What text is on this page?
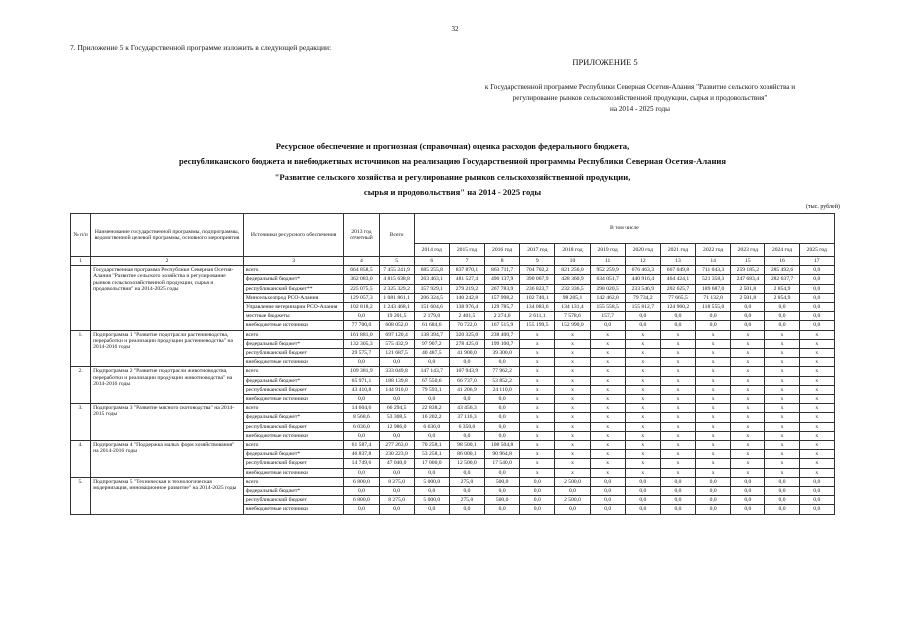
32
7. Приложение 5 к Государственной программе изложить в следующей редакции:
ПРИЛОЖЕНИЕ 5
к Государственной программе Республики Северная Осетия-Алания "Развитие сельского хозяйства и
регулирование рынков сельскохозяйственной продукции, сырья и продовольствия"
на 2014 - 2025 годы
Ресурсное обеспечение и прогнозная (справочная) оценка расходов федерального бюджета,
республиканского бюджета и внебюджетных источников на реализацию Государственной программы Республики Северная Осетия-Алания
"Развитие сельского хозяйства и регулирование рынков сельскохозяйственной продукции,
сырья и продовольствия" на 2014 - 2025 годы
(тыс. рублей)
№ п/п	Наименование государственной программы, подпрограммы, ведомственной целевой программы, основного мероприятия	Источники ресурсного обеспечения	2013 год отчетный	Всего	В том числе											
					2014 год	2015 год	2016 год	2017 год	2018 год	2019 год	2020 год	2021 год	2022 год	2023 год	2024 год	2025 год
1	2	3	4	5	6	7	8	9	10	11	12	13	14	15	16	17
	Государственная программа Республики Северная Осетия-Алания "Развитие сельского хозяйства и регулирование рынков сельскохозяйственной продукции, сырья и продовольствия" на 2014-2025 годы	всего	664 858,5	7 455 241,9	685 255,8	837 870,1	863 711,7	704 702,2	821 256,0	952 259,9	676 463,3	667 049,8	711 043,3	259 185,2	285 492,6	0,0
		федеральный бюджет*	362 083,0	4 815 638,8	263 463,1	481 527,4	496 137,9	390 067,9	428 360,9	634 051,7	440 916,4	464 424,1	521 358,3	247 683,4	282 637,7	0,0
		республиканский бюджет**	225 075,5	2 325 329,2	357 929,1	279 219,2	267 783,9	236 823,7	232 336,5	298 020,5	233 546,9	202 625,7	189 687,0	2 501,8	2 854,9	0,0
		Минсельхозпрод РСО-Алания	129 057,3	1 081 861,1	206 324,5	140 242,8	157 998,2	102 740,1	98 205,1	142 462,0	79 734,2	77 665,5	71 132,0	2 501,8	2 854,9	0,0
		Управление ветеринарии РСО-Алания	102 818,2	1 243 468,1	151 604,6	138 976,4	129 785,7	134 083,6	134 131,4	155 558,5	155 812,7	124 960,2	118 555,0	0,0	0,0	0,0
		местные бюджеты	0,0	19 201,5	2 179,0	2 401,5	2 274,0	2 611,1	7 578,6	157,7	0,0	0,0	0,0	0,0	0,0	0,0
		внебюджетные источники	77 700,0	608 052,0	61 684,6	70 722,0	167 515,9	155 199,5	152 990,0	0,0	0,0	0,0	0,0	0,0	0,0	0,0
1.	Подпрограмма 1 "Развитие подотрасли растениеводства, переработки и реализации продукции растениеводства" на 2014-2016 годы	всего	161 881,0	697 120,4	138 394,7	320 325,0	238 400,7	x	x	x	x	x	x	x	x	x
		федеральный бюджет*	132 305,3	575 432,9	97 907,2	278 425,0	199 100,7	x	x	x	x	x	x	x	x	x
		республиканский бюджет	29 575,7	121 687,5	40 487,5	41 900,0	39 300,0	x	x	x	x	x	x	x	x	x
		внебюджетные источники	0,0	0,0	0,0	0,0	0,0	x	x	x	x	x	x	x	x	x
2.	Подпрограмма 2 "Развитие подотрасли животноводства, переработки и реализации продукции животноводства" на 2014-2016 годы	всего	109 381,9	333 049,8	147 143,7	107 943,9	77 962,2	x	x	x	x	x	x	x	x	x
		федеральный бюджет*	65 971,1	188 139,8	67 550,6	66 737,0	53 852,2	x	x	x	x	x	x	x	x	x
		республиканский бюджет	43 410,8	144 910,0	79 593,1	41 206,9	24 110,0	x	x	x	x	x	x	x	x	x
		внебюджетные источники	0,0	0,0	0,0	0,0	0,0	x	x	x	x	x	x	x	x	x
3.	Подпрограмма 3 "Развитие мясного скотоводства" на 2014-2015 годы	всего	14 604,6	66 294,5	22 838,2	43 456,3	0,0	x	x	x	x	x	x	x	x	x
		федеральный бюджет*	8 568,6	53 308,5	16 202,2	37 116,3	0,0	x	x	x	x	x	x	x	x	x
		республиканский бюджет	6 036,0	12 986,0	6 636,0	6 350,0	0,0	x	x	x	x	x	x	x	x	x
		внебюджетные источники	0,0	0,0	0,0	0,0	0,0	x	x	x	x	x	x	x	x	x
4.	Подпрограмма 4 "Поддержка малых форм хозяйствования" на 2014-2016 годы	всего	61 587,4	277 263,0	70 258,1	98 500,1	108 504,8	x	x	x	x	x	x	x	x	x
		федеральный бюджет*	46 837,8	230 223,0	53 258,1	86 000,1	90 964,8	x	x	x	x	x	x	x	x	x
		республиканский бюджет	14 749,6	47 040,0	17 000,0	12 500,0	17 540,0	x	x	x	x	x	x	x	x	x
		внебюджетные источники	0,0	0,0	0,0	0,0	0,0	x	x	x	x	x	x	x	x	x
5.	Подпрограмма 5 "Техническая и технологическая модернизация, инновационное развитие" на 2014-2025 годы	всего	6 800,0	8 275,0	5 000,0	275,0	500,0	0,0	2 500,0	0,0	0,0	0,0	0,0	0,0	0,0	0,0
		федеральный бюджет*	0,0	0,0	0,0	0,0	0,0	0,0	0,0	0,0	0,0	0,0	0,0	0,0	0,0	0,0
		республиканский бюджет	6 800,0	8 275,0	5 000,0	275,0	500,0	0,0	2 500,0	0,0	0,0	0,0	0,0	0,0	0,0	0,0
		внебюджетные источники	0,0	0,0	0,0	0,0	0,0	0,0	0,0	0,0	0,0	0,0	0,0	0,0	0,0	0,0
